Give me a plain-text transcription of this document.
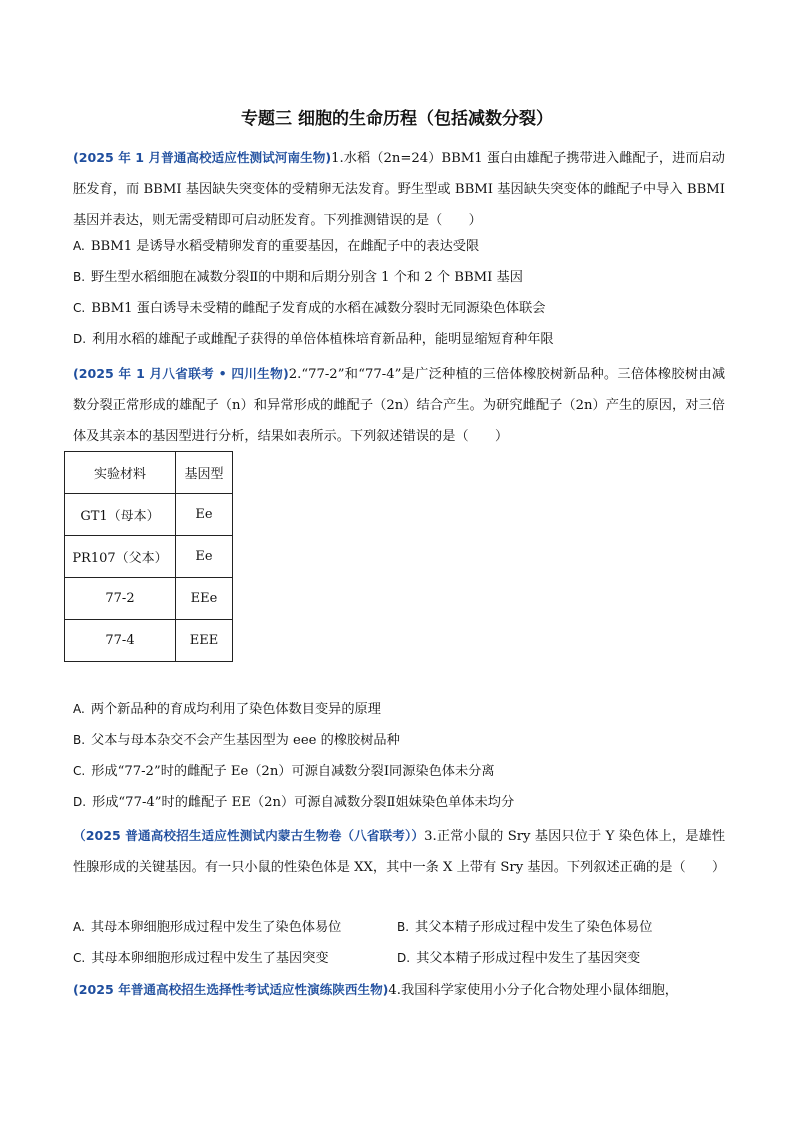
专题三 细胞的生命历程（包括减数分裂）
(2025 年 1 月普通高校适应性测试河南生物)1.水稻（2n=24）BBM1 蛋白由雄配子携带进入雌配子，进而启动胚发育，而 BBMI 基因缺失突变体的受精卵无法发育。野生型或 BBMI 基因缺失突变体的雌配子中导入 BBMI 基因并表达，则无需受精即可启动胚发育。下列推测错误的是（　　）
A. BBM1 是诱导水稻受精卵发育的重要基因，在雌配子中的表达受限
B. 野生型水稻细胞在减数分裂Ⅱ的中期和后期分别含 1 个和 2 个 BBMI 基因
C. BBM1 蛋白诱导未受精的雌配子发育成的水稻在减数分裂时无同源染色体联会
D. 利用水稻的雄配子或雌配子获得的单倍体植株培育新品种，能明显缩短育种年限
(2025 年 1 月八省联考 • 四川生物)2.“77-2”和“77-4”是广泛种植的三倍体橡胶树新品种。三倍体橡胶树由减数分裂正常形成的雄配子（n）和异常形成的雌配子（2n）结合产生。为研究雌配子（2n）产生的原因，对三倍体及其亲本的基因型进行分析，结果如表所示。下列叙述错误的是（　　）
实验材料	基因型
GT1（母本）	Ee
PR107（父本）	Ee
77-2	EEe
77-4	EEE
A. 两个新品种的育成均利用了染色体数目变异的原理
B. 父本与母本杂交不会产生基因型为 eee 的橡胶树品种
C. 形成“77-2”时的雌配子 Ee（2n）可源自减数分裂Ⅰ同源染色体未分离
D. 形成“77-4”时的雌配子 EE（2n）可源自减数分裂Ⅱ姐妹染色单体未均分
（2025 普通高校招生适应性测试内蒙古生物卷（八省联考））3.正常小鼠的 Sry 基因只位于 Y 染色体上，是雄性性腺形成的关键基因。有一只小鼠的性染色体是 XX，其中一条 X 上带有 Sry 基因。下列叙述正确的是（　　）
A. 其母本卵细胞形成过程中发生了染色体易位	B. 其父本精子形成过程中发生了染色体易位
C. 其母本卵细胞形成过程中发生了基因突变	D. 其父本精子形成过程中发生了基因突变
(2025 年普通高校招生选择性考试适应性演练陕西生物)4.我国科学家使用小分子化合物处理小鼠体细胞，
